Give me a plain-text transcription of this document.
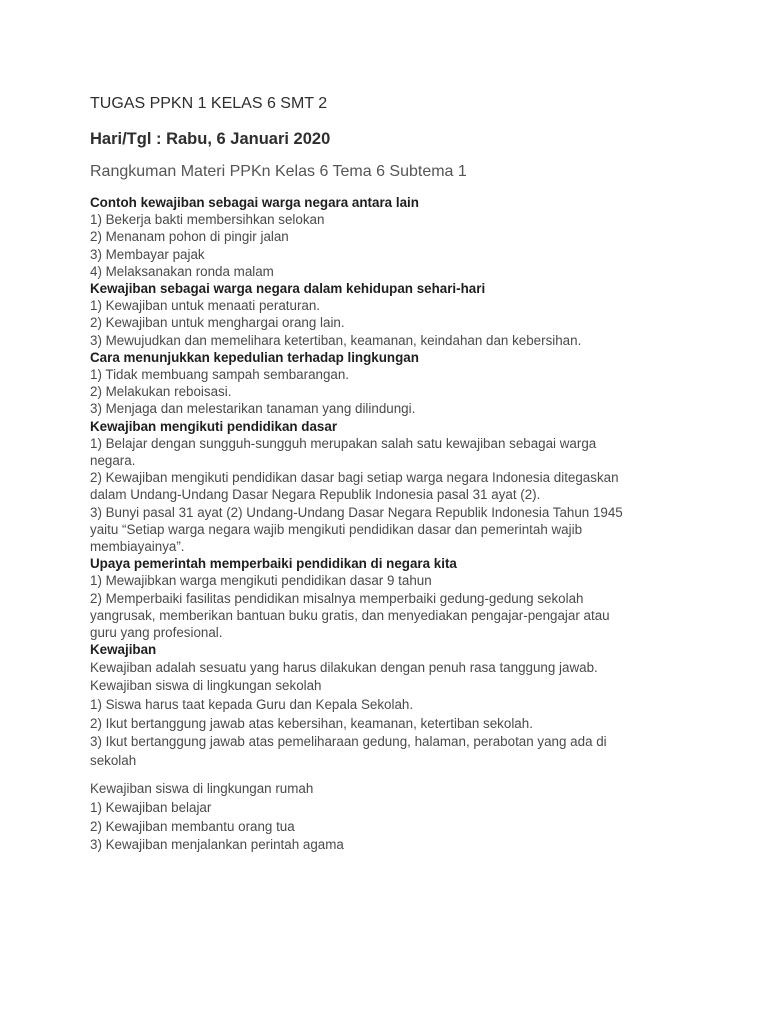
TUGAS PPKN 1 KELAS 6 SMT 2
Hari/Tgl : Rabu, 6 Januari 2020
Rangkuman Materi PPKn Kelas 6 Tema 6 Subtema 1
Contoh kewajiban sebagai warga negara antara lain
1) Bekerja bakti membersihkan selokan
2) Menanam pohon di pingir jalan
3) Membayar pajak
4) Melaksanakan ronda malam
Kewajiban sebagai warga negara dalam kehidupan sehari-hari
1) Kewajiban untuk menaati peraturan.
2) Kewajiban untuk menghargai orang lain.
3) Mewujudkan dan memelihara ketertiban, keamanan, keindahan dan kebersihan.
Cara menunjukkan kepedulian terhadap lingkungan
1) Tidak membuang sampah sembarangan.
2) Melakukan reboisasi.
3) Menjaga dan melestarikan tanaman yang dilindungi.
Kewajiban mengikuti pendidikan dasar
1) Belajar dengan sungguh-sungguh merupakan salah satu kewajiban sebagai warga
negara.
2) Kewajiban mengikuti pendidikan dasar bagi setiap warga negara Indonesia ditegaskan
dalam Undang-Undang Dasar Negara Republik Indonesia pasal 31 ayat (2).
3) Bunyi pasal 31 ayat (2) Undang-Undang Dasar Negara Republik Indonesia Tahun 1945
yaitu “Setiap warga negara wajib mengikuti pendidikan dasar dan pemerintah wajib
membiayainya”.
Upaya pemerintah memperbaiki pendidikan di negara kita
1) Mewajibkan warga mengikuti pendidikan dasar 9 tahun
2) Memperbaiki fasilitas pendidikan misalnya memperbaiki gedung-gedung sekolah
yangrusak, memberikan bantuan buku gratis, dan menyediakan pengajar-pengajar atau
guru yang profesional.
Kewajiban
Kewajiban adalah sesuatu yang harus dilakukan dengan penuh rasa tanggung jawab.
Kewajiban siswa di lingkungan sekolah
1) Siswa harus taat kepada Guru dan Kepala Sekolah.
2) Ikut bertanggung jawab atas kebersihan, keamanan, ketertiban sekolah.
3) Ikut bertanggung jawab atas pemeliharaan gedung, halaman, perabotan yang ada di
sekolah
Kewajiban siswa di lingkungan rumah
1) Kewajiban belajar
2) Kewajiban membantu orang tua
3) Kewajiban menjalankan perintah agama
